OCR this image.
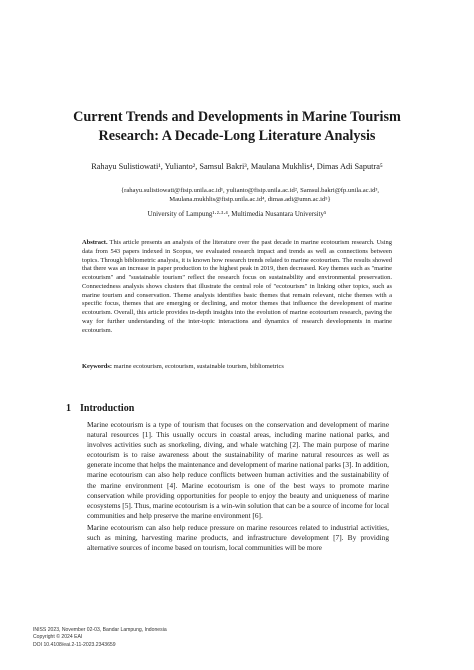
Current Trends and Developments in Marine Tourism Research: A Decade-Long Literature Analysis
Rahayu Sulistiowati¹, Yulianto², Samsul Bakri³, Maulana Mukhlis⁴, Dimas Adi Saputra⁵
{rahayu.sulistiowati@fisip.unila.ac.id¹, yulianto@fisip.unila.ac.id², Samsul.bakri@fp.unila.ac.id³,
Maulana.mukhlis@fisip.unila.ac.id⁴, dimas.adi@umn.ac.id⁵}
University of Lampung¹·²·³·⁴, Multimedia Nusantara University⁵
Abstract. This article presents an analysis of the literature over the past decade in marine ecotourism research. Using data from 543 papers indexed in Scopus, we evaluated research impact and trends as well as connections between topics. Through bibliometric analysis, it is known how research trends related to marine ecotourism. The results showed that there was an increase in paper production to the highest peak in 2019, then decreased. Key themes such as "marine ecotourism" and "sustainable tourism" reflect the research focus on sustainability and environmental preservation. Connectedness analysis shows clusters that illustrate the central role of "ecotourism" in linking other topics, such as marine tourism and conservation. Theme analysis identifies basic themes that remain relevant, niche themes with a specific focus, themes that are emerging or declining, and motor themes that influence the development of marine ecotourism. Overall, this article provides in-depth insights into the evolution of marine ecotourism research, paving the way for further understanding of the inter-topic interactions and dynamics of research developments in marine ecotourism.
Keywords: marine ecotourism, ecotourism, sustainable tourism, bibliometrics
1 Introduction
Marine ecotourism is a type of tourism that focuses on the conservation and development of marine natural resources [1]. This usually occurs in coastal areas, including marine national parks, and involves activities such as snorkeling, diving, and whale watching [2]. The main purpose of marine ecotourism is to raise awareness about the sustainability of marine natural resources as well as generate income that helps the maintenance and development of marine national parks [3]. In addition, marine ecotourism can also help reduce conflicts between human activities and the sustainability of the marine environment [4]. Marine ecotourism is one of the best ways to promote marine conservation while providing opportunities for people to enjoy the beauty and uniqueness of marine ecosystems [5]. Thus, marine ecotourism is a win-win solution that can be a source of income for local communities and help preserve the marine environment [6].
Marine ecotourism can also help reduce pressure on marine resources related to industrial activities, such as mining, harvesting marine products, and infrastructure development [7]. By providing alternative sources of income based on tourism, local communities will be more
INISS 2023, November 02-03, Bandar Lampung, Indonesia
Copyright © 2024 EAI
DOI 10.4108/eai.2-11-2023.2343659
